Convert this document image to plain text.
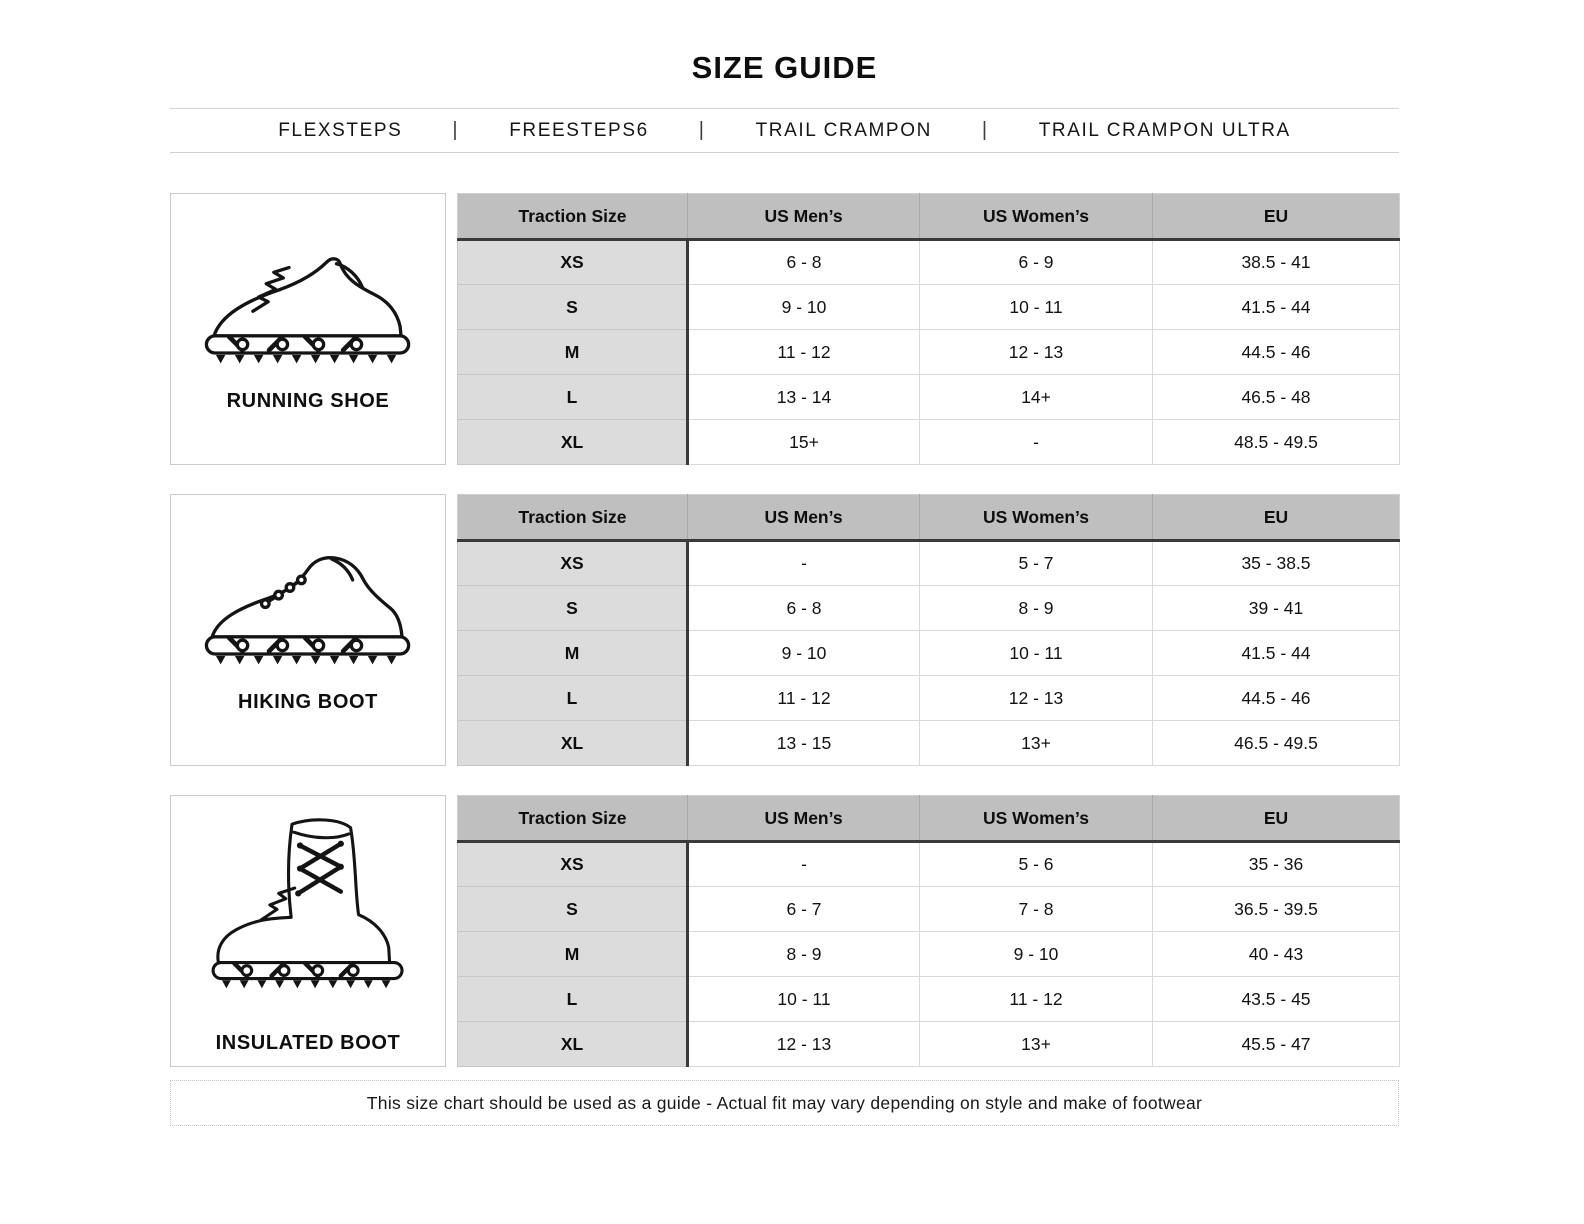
SIZE GUIDE
FLEXSTEPS	|	FREESTEPS6	|	TRAIL CRAMPON	|	TRAIL CRAMPON ULTRA
RUNNING SHOE
Traction Size	US Men’s	US Women’s	EU
XS	6 - 8	6 - 9	38.5 - 41
S	9 - 10	10 - 11	41.5 - 44
M	11 - 12	12 - 13	44.5 - 46
L	13 - 14	14+	46.5 - 48
XL	15+	-	48.5 - 49.5
HIKING BOOT
Traction Size	US Men’s	US Women’s	EU
XS	-	5 - 7	35 - 38.5
S	6 - 8	8 - 9	39 - 41
M	9 - 10	10 - 11	41.5 - 44
L	11 - 12	12 - 13	44.5 - 46
XL	13 - 15	13+	46.5 - 49.5
INSULATED BOOT
Traction Size	US Men’s	US Women’s	EU
XS	-	5 - 6	35 - 36
S	6 - 7	7 - 8	36.5 - 39.5
M	8 - 9	9 - 10	40 - 43
L	10 - 11	11 - 12	43.5 - 45
XL	12 - 13	13+	45.5 - 47
This size chart should be used as a guide - Actual fit may vary depending on style and make of footwear
